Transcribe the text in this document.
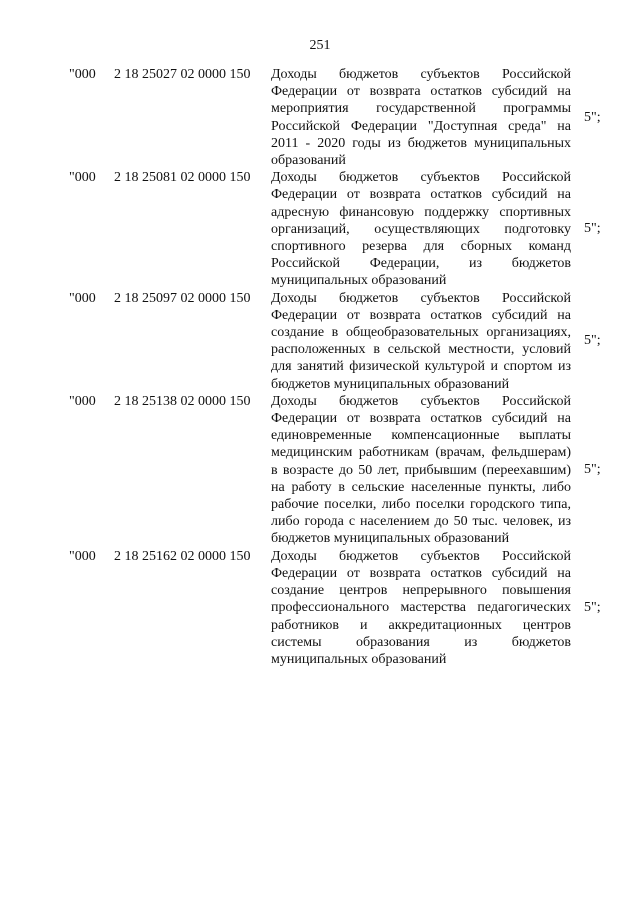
251
"000 2 18 25027 02 0000 150 Доходы бюджетов субъектов Российской Федерации от возврата остатков субсидий на мероприятия государственной программы Российской Федерации "Доступная среда" на 2011 - 2020 годы из бюджетов муниципальных образований
5";
"000 2 18 25081 02 0000 150 Доходы бюджетов субъектов Российской Федерации от возврата остатков субсидий на адресную финансовую поддержку спортивных организаций, осуществляющих подготовку спортивного резерва для сборных команд Российской Федерации, из бюджетов муниципальных образований
5";
"000 2 18 25097 02 0000 150 Доходы бюджетов субъектов Российской Федерации от возврата остатков субсидий на создание в общеобразовательных организациях, расположенных в сельской местности, условий для занятий физической культурой и спортом из бюджетов муниципальных образований
5";
"000 2 18 25138 02 0000 150 Доходы бюджетов субъектов Российской Федерации от возврата остатков субсидий на единовременные компенсационные выплаты медицинским работникам (врачам, фельдшерам) в возрасте до 50 лет, прибывшим (переехавшим) на работу в сельские населенные пункты, либо рабочие поселки, либо поселки городского типа, либо города с населением до 50 тыс. человек, из бюджетов муниципальных образований
5";
"000 2 18 25162 02 0000 150 Доходы бюджетов субъектов Российской Федерации от возврата остатков субсидий на создание центров непрерывного повышения профессионального мастерства педагогических работников и аккредитационных центров системы образования из бюджетов муниципальных образований
5";
